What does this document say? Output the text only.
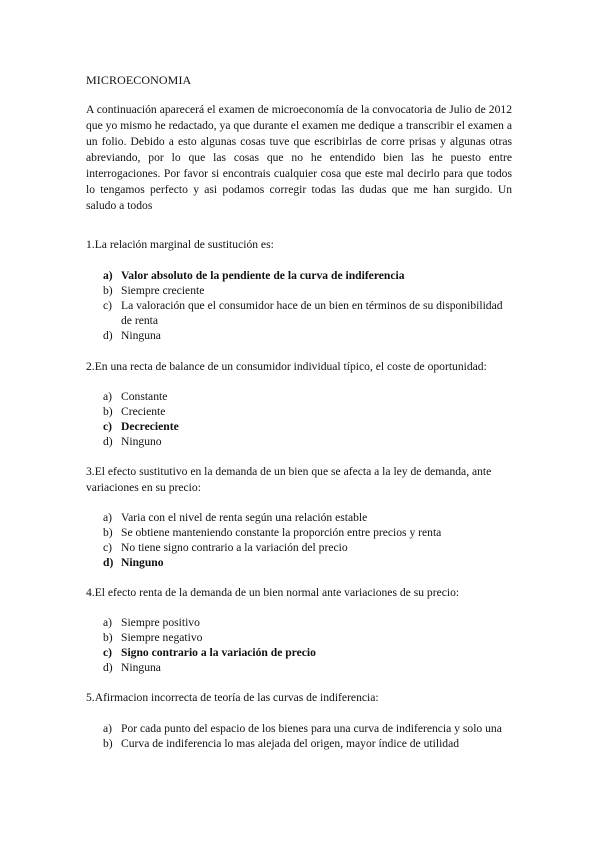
MICROECONOMIA
A continuación aparecerá el examen de microeconomía de la convocatoria de Julio de 2012 que yo mismo he redactado, ya que durante el examen me dedique a transcribir el examen a un folio. Debido a esto algunas cosas tuve que escribirlas de corre prisas y algunas otras abreviando, por lo que las cosas que no he entendido bien las he puesto entre interrogaciones. Por favor si encontrais cualquier cosa que este mal decirlo para que todos lo tengamos perfecto y asi podamos corregir todas las dudas que me han surgido. Un saludo a todos
1.La relación marginal de sustitución es:
a) Valor absoluto de la pendiente de la curva de indiferencia
b) Siempre creciente
c) La valoración que el consumidor hace de un bien en términos de su disponibilidad de renta
d) Ninguna
2.En una recta de balance de un consumidor individual típico, el coste de oportunidad:
a) Constante
b) Creciente
c) Decreciente
d) Ninguno
3.El efecto sustitutivo en la demanda de un bien que se afecta a la ley de demanda, ante variaciones en su precio:
a) Varia con el nivel de renta según una relación estable
b) Se obtiene manteniendo constante la proporción entre precios y renta
c) No tiene signo contrario a la variación del precio
d) Ninguno
4.El efecto renta de la demanda de un bien normal ante variaciones de su precio:
a) Siempre positivo
b) Siempre negativo
c) Signo contrario a la variación de precio
d) Ninguna
5.Afirmacion incorrecta de teoría de las curvas de indiferencia:
a) Por cada punto del espacio de los bienes para una curva de indiferencia y solo una
b) Curva de indiferencia lo mas alejada del origen, mayor índice de utilidad
